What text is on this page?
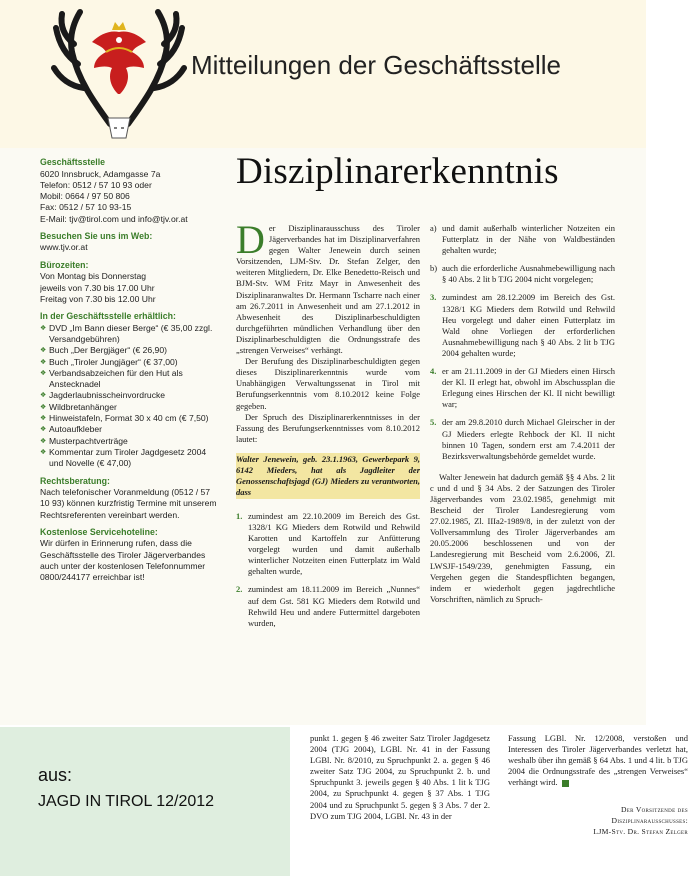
Mitteilungen der Geschäftsstelle
Geschäftsstelle

6020 Innsbruck, Adamgasse 7a

Telefon: 0512 / 57 10 93 oder

Mobil: 0664 / 97 50 806

Fax: 0512 / 57 10 93-15

E-Mail: tjv@tirol.com und info@tjv.or.at

Besuchen Sie uns im Web:

www.tjv.or.at

Bürozeiten:

Von Montag bis Donnerstag

jeweils von 7.30 bis 17.00 Uhr

Freitag von 7.30 bis 12.00 Uhr

In der Geschäftsstelle erhältlich:
❖ DVD „Im Bann dieser Berge“ (€ 35,00 zzgl. Versandgebühren)
❖ Buch „Der Bergjäger“ (€ 26,90)
❖ Buch „Tiroler Jungjäger“ (€ 37,00)
❖ Verbandsabzeichen für den Hut als Anstecknadel
❖ Jagderlaubnisscheinvordrucke
❖ Wildbretanhänger
❖ Hinweistafeln, Format 30 x 40 cm (€ 7,50)
❖ Autoaufkleber
❖ Musterpachtverträge
❖ Kommentar zum Tiroler Jagdgesetz 2004 und Novelle (€ 47,00)
Rechtsberatung:

Nach telefonischer Voranmeldung (0512 / 57 10 93) können kurzfristig Termine mit unserem Rechtsreferenten vereinbart werden.

Kostenlose Servicehoteline:

Wir dürfen in Erinnerung rufen, dass die Geschäftsstelle des Tiroler Jägerverbandes auch unter der kostenlosen Telefonnummer 0800/244177 erreichbar ist!

Disziplinarerkenntnis

Der Disziplinarausschuss des Tiroler Jägerverbandes hat im Disziplinarverfahren gegen Walter Jenewein durch seinen Vorsitzenden, LJM-Stv. Dr. Stefan Zelger, den weiteren Mitgliedern, Dr. Elke Benedetto-Reisch und BJM-Stv. WM Fritz Mayr in Anwesenheit des Disziplinaranwaltes Dr. Hermann Tscharre nach einer am 26.7.2011 in Anwesenheit und am 27.1.2012 in Abwesenheit des Disziplinarbeschuldigten durchgeführten mündlichen Verhandlung über den Disziplinarbeschuldigten die Ordnungsstrafe des „strengen Verweises“ verhängt.

Der Berufung des Disziplinarbeschuldigten gegen dieses Disziplinarerkenntnis wurde vom Unabhängigen Verwaltungssenat in Tirol mit Berufungserkenntnis vom 8.10.2012 keine Folge gegeben.

Der Spruch des Disziplinarerkenntnisses in der Fassung des Berufungserkenntnisses vom 8.10.2012 lautet:

Walter Jenewein, geb. 23.1.1963, Gewerbepark 9, 6142 Mieders, hat als Jagdleiter der Genossenschaftsjagd (GJ) Mieders zu verantworten, dass

1. zumindest am 22.10.2009 im Bereich des Gst. 1328/1 KG Mieders dem Rotwild und Rehwild Karotten und Kartoffeln zur Anfütterung vorgelegt wurden und damit außerhalb winterlicher Notzeiten einen Futterplatz im Wald gehalten wurde,
2. zumindest am 18.11.2009 im Bereich „Nunnes“ auf dem Gst. 581 KG Mieders dem Rotwild und Rehwild Heu und andere Futtermittel dargeboten wurden,
a) und damit außerhalb winterlicher Notzeiten ein Futterplatz in der Nähe von Waldbeständen gehalten wurde;
b) auch die erforderliche Ausnahmebewilligung nach § 40 Abs. 2 lit b TJG 2004 nicht vorgelegen;
3. zumindest am 28.12.2009 im Bereich des Gst. 1328/1 KG Mieders dem Rotwild und Rehwild Heu vorgelegt und daher einen Futterplatz im Wald ohne Vorliegen der erforderlichen Ausnahmebewilligung nach § 40 Abs. 2 lit b TJG 2004 gehalten wurde;
4. er am 21.11.2009 in der GJ Mieders einen Hirsch der Kl. II erlegt hat, obwohl im Abschussplan die Erlegung eines Hirschen der Kl. II nicht bewilligt war;
5. der am 29.8.2010 durch Michael Gleirscher in der GJ Mieders erlegte Rehbock der Kl. II nicht binnen 10 Tagen, sondern erst am 7.4.2011 der Bezirksverwaltungsbehörde gemeldet wurde.

Walter Jenewein hat dadurch gemäß §§ 4 Abs. 2 lit c und d und § 34 Abs. 2 der Satzungen des Tiroler Jägerverbandes vom 23.02.1985, genehmigt mit Bescheid der Tiroler Landesregierung vom 27.02.1985, Zl. IIIa2-1989/8, in der zuletzt von der Vollversammlung des Tiroler Jägerverbandes am 20.05.2006 beschlossenen und von der Landesregierung mit Bescheid vom 2.6.2006, Zl. LWSJF-1549/239, genehmigten Fassung, ein Vergehen gegen die Standespflichten begangen, indem er wiederholt gegen jagdrechtliche Vorschriften, nämlich zu Spruch-

aus:
JAGD IN TIROL 12/2012

punkt 1. gegen § 46 zweiter Satz Tiroler Jagdgesetz 2004 (TJG 2004), LGBl. Nr. 41 in der Fassung LGBl. Nr. 8/2010, zu Spruchpunkt 2. a. gegen § 46 zweiter Satz TJG 2004, zu Spruchpunkt 2. b. und Spruchpunkt 3. jeweils gegen § 40 Abs. 1 lit k TJG 2004, zu Spruchpunkt 4. gegen § 37 Abs. 1 TJG 2004 und zu Spruchpunkt 5. gegen § 3 Abs. 7 der 2. DVO zum TJG 2004, LGBl. Nr. 43 in der

Fassung LGBl. Nr. 12/2008, verstoßen und Interessen des Tiroler Jägerverbandes verletzt hat, weshalb über ihn gemäß § 64 Abs. 1 und 4 lit. b TJG 2004 die Ordnungsstrafe des „strengen Verweises“ verhängt wird.

Der Vorsitzende des
Disziplinarausschusses:
LJM-Stv. Dr. Stefan Zelger
